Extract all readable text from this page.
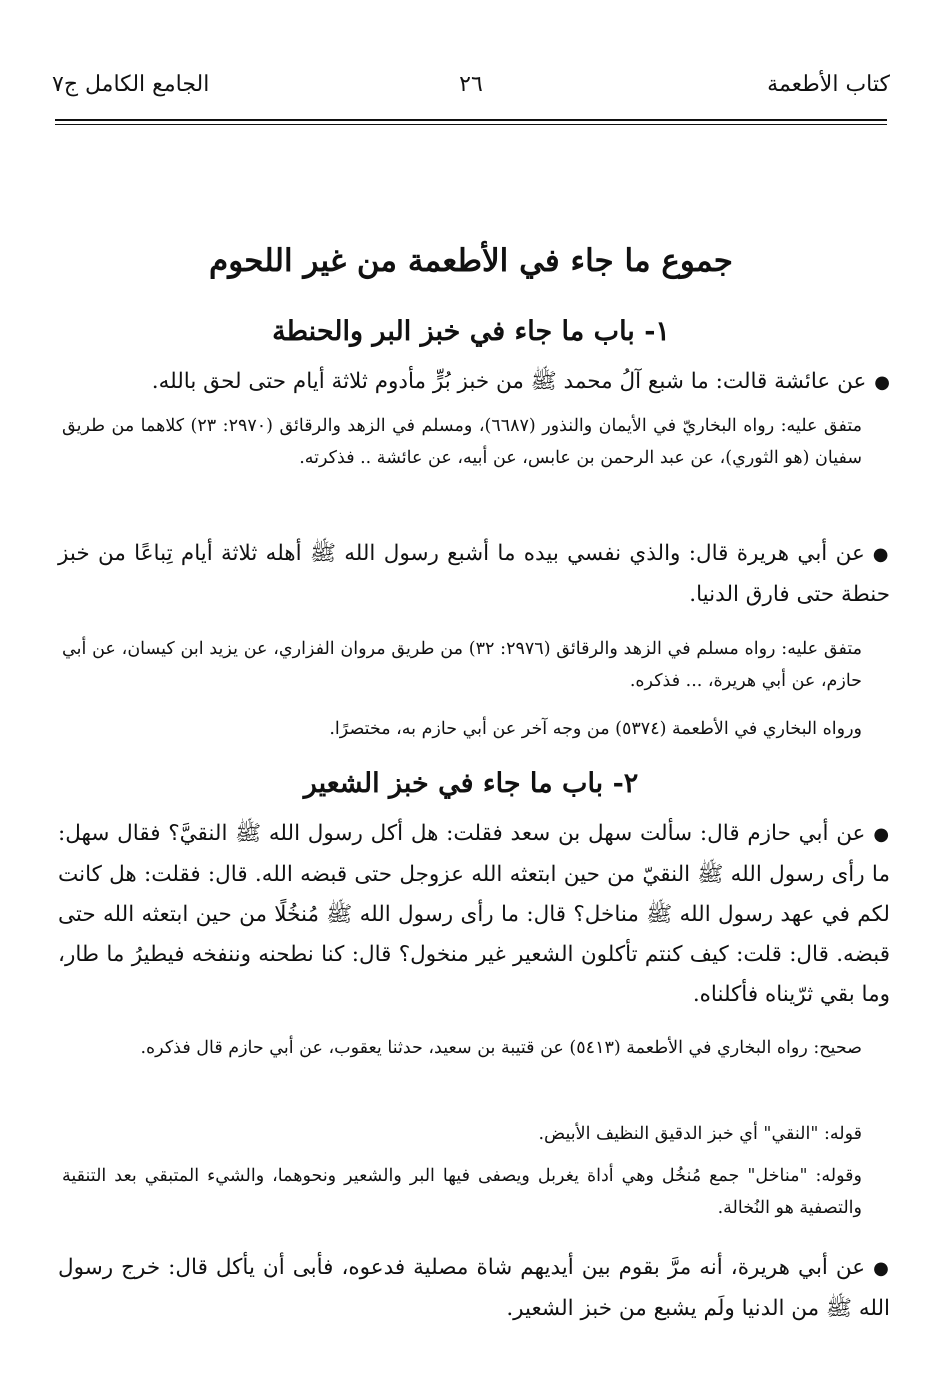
كتاب الأطعمة
٢٦
الجامع الكامل ج٧
جموع ما جاء في الأطعمة من غير اللحوم
١- باب ما جاء في خبز البر والحنطة

●عن عائشة قالت: ما شبع آلُ محمد ﷺ من خبز بُرٍّ مأدوم ثلاثة أيام حتى لحق بالله.

متفق عليه: رواه البخاريّ في الأيمان والنذور (٦٦٨٧)، ومسلم في الزهد والرقائق (٢٩٧٠: ٢٣) كلاهما من طريق سفيان (هو الثوري)، عن عبد الرحمن بن عابس، عن أبيه، عن عائشة .. فذكرته.

●عن أبي هريرة قال: والذي نفسي بيده ما أشبع رسول الله ﷺ أهله ثلاثة أيام تِباعًا من خبز حنطة حتى فارق الدنيا.

متفق عليه: رواه مسلم في الزهد والرقائق (٢٩٧٦: ٣٢) من طريق مروان الفزاري، عن يزيد ابن كيسان، عن أبي حازم، عن أبي هريرة، ... فذكره.

ورواه البخاري في الأطعمة (٥٣٧٤) من وجه آخر عن أبي حازم به، مختصرًا.

٢- باب ما جاء في خبز الشعير

●عن أبي حازم قال: سألت سهل بن سعد فقلت: هل أكل رسول الله ﷺ النقيَّ؟ فقال سهل: ما رأى رسول الله ﷺ النقيّ من حين ابتعثه الله عزوجل حتى قبضه الله. قال: فقلت: هل كانت لكم في عهد رسول الله ﷺ مناخل؟ قال: ما رأى رسول الله ﷺ مُنخُلًا من حين ابتعثه الله حتى قبضه. قال: قلت: كيف كنتم تأكلون الشعير غير منخول؟ قال: كنا نطحنه وننفخه فيطيرُ ما طار، وما بقي ثرّيناه فأكلناه.

صحيح: رواه البخاري في الأطعمة (٥٤١٣) عن قتيبة بن سعيد، حدثنا يعقوب، عن أبي حازم قال فذكره.

قوله: "النقي" أي خبز الدقيق النظيف الأبيض.

وقوله: "مناخل" جمع مُنخُل وهي أداة يغربل ويصفى فيها البر والشعير ونحوهما، والشيء المتبقي بعد التنقية والتصفية هو النُخالة.

●عن أبي هريرة، أنه مرَّ بقوم بين أيديهم شاة مصلية فدعوه، فأبى أن يأكل قال: خرج رسول الله ﷺ من الدنيا ولَم يشبع من خبز الشعير.
